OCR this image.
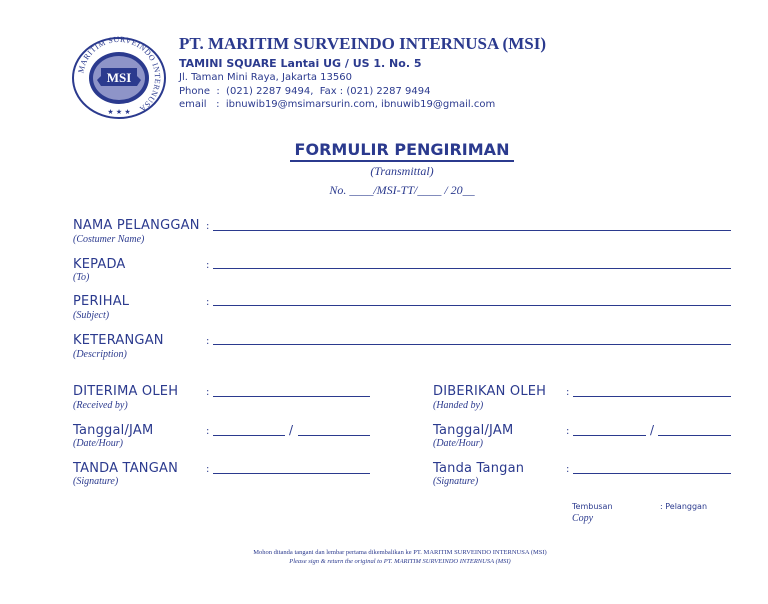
MSI
MARITIM SURVEINDO INTERNUSA
★ ★ ★
PT. MARITIM SURVEINDO INTERNUSA (MSI)
TAMINI SQUARE Lantai UG / US 1. No. 5
Jl. Taman Mini Raya, Jakarta 13560
Phone  :  (021) 2287 9494,  Fax : (021) 2287 9494
email   :  ibnuwib19@msimarsurin.com, ibnuwib19@gmail.com
FORMULIR PENGIRIMAN
(Transmittal)
No. ____/MSI-TT/____ / 20__
NAMA PELANGGAN
(Costumer Name)
:
KEPADA
(To)
:
PERIHAL
(Subject)
:
KETERANGAN
(Description)
:
DITERIMA OLEH
(Received by)
:
Tanggal/JAM
(Date/Hour)
:	/
TANDA TANGAN
(Signature)
:
DIBERIKAN OLEH
(Handed by)
:
Tanggal/JAM
(Date/Hour)
:	/
Tanda Tangan
(Signature)
:
Tembusan
Copy
: Pelanggan
Mohon ditanda tangani dan lembar pertama dikembalikan ke PT. MARITIM SURVEINDO INTERNUSA (MSI)
Please sign & return the original to PT. MARITIM SURVEINDO INTERNUSA (MSI)
